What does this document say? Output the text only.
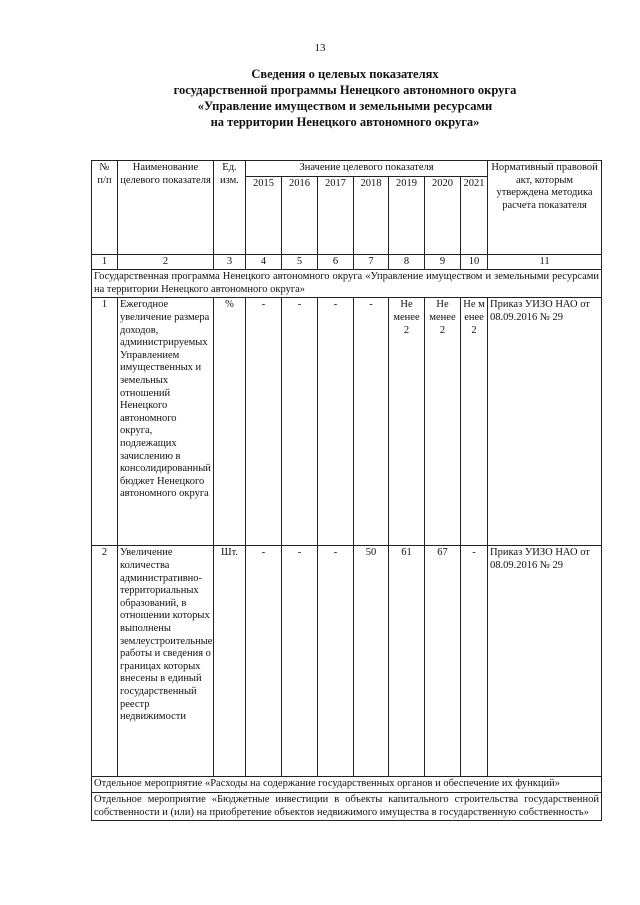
13
Сведения о целевых показателях
государственной программы Ненецкого автономного округа
«Управление имуществом и земельными ресурсами
на территории Ненецкого автономного округа»
№ п/п	Наименование целевого показателя	Ед. изм.	Значение целевого показателя							Нормативный правовой акт, которым утверждена методика расчета показателя
			2015	2016	2017	2018	2019	2020	2021	
1	2	3	4	5	6	7	8	9	10	11
Государственная программа Ненецкого автономного округа «Управление имуществом и земельными ресурсами на территории Ненецкого автономного округа»										
1	Ежегодное увеличение размера доходов, администрируемых Управлением имущественных и земельных отношений Ненецкого автономного округа, подлежащих зачислению в консолидированный бюджет Ненецкого автономного округа	%	-	-	-	-	Не менее 2	Не менее 2	Не менее 2	Приказ УИЗО НАО от 08.09.2016 № 29
2	Увеличение количества административно-территориальных образований, в отношении которых выполнены землеустроительные работы и сведения о границах которых внесены в единый государственный реестр недвижимости	Шт.	-	-	-	50	61	67	-	Приказ УИЗО НАО от 08.09.2016 № 29
Отдельное мероприятие «Расходы на содержание государственных органов и обеспечение их функций»										
Отдельное мероприятие «Бюджетные инвестиции в объекты капитального строительства государственной собственности и (или) на приобретение объектов недвижимого имущества в государственную собственность»										
